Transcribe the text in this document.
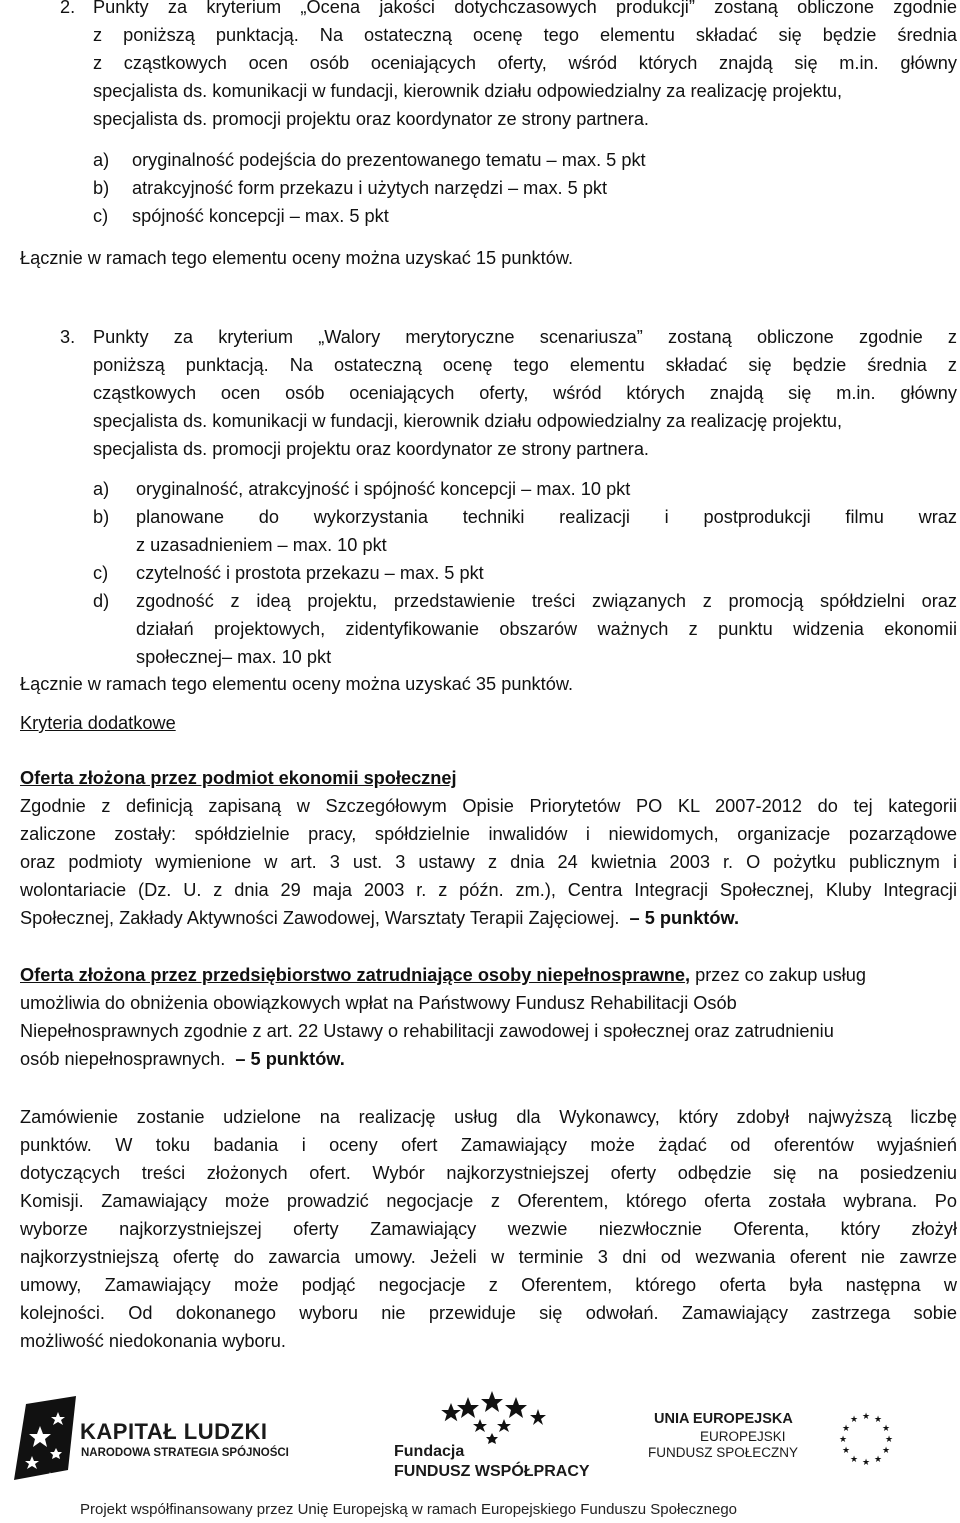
2. Punkty za kryterium „Ocena jakości dotychczasowych produkcji” zostaną obliczone zgodnie
z poniższą punktacją. Na ostateczną ocenę tego elementu składać się będzie średnia
z cząstkowych ocen osób oceniających oferty, wśród których znajdą się m.in. główny
specjalista ds. komunikacji w fundacji, kierownik działu odpowiedzialny za realizację projektu,
specjalista ds. promocji projektu oraz koordynator ze strony partnera.
a) oryginalność podejścia do prezentowanego tematu – max. 5 pkt
b) atrakcyjność form przekazu i użytych narzędzi – max. 5 pkt
c) spójność koncepcji – max. 5 pkt
Łącznie w ramach tego elementu oceny można uzyskać 15 punktów.
3. Punkty za kryterium „Walory merytoryczne scenariusza” zostaną obliczone zgodnie z
poniższą punktacją. Na ostateczną ocenę tego elementu składać się będzie średnia z
cząstkowych ocen osób oceniających oferty, wśród których znajdą się m.in. główny
specjalista ds. komunikacji w fundacji, kierownik działu odpowiedzialny za realizację projektu,
specjalista ds. promocji projektu oraz koordynator ze strony partnera.
a) oryginalność, atrakcyjność i spójność koncepcji – max. 10 pkt
b) planowane do wykorzystania techniki realizacji i postprodukcji filmu wraz
z uzasadnieniem – max. 10 pkt
c) czytelność i prostota przekazu – max. 5 pkt
d) zgodność z ideą projektu, przedstawienie treści związanych z promocją spółdzielni oraz
działań projektowych, zidentyfikowanie obszarów ważnych z punktu widzenia ekonomii
społecznej– max. 10 pkt
Łącznie w ramach tego elementu oceny można uzyskać 35 punktów.
Kryteria dodatkowe
Oferta złożona przez podmiot ekonomii społecznej
Zgodnie z definicją zapisaną w Szczegółowym Opisie Priorytetów PO KL 2007-2012 do tej kategorii
zaliczone zostały: spółdzielnie pracy, spółdzielnie inwalidów i niewidomych, organizacje pozarządowe
oraz podmioty wymienione w art. 3 ust. 3 ustawy z dnia 24 kwietnia 2003 r. O pożytku publicznym i
wolontariacie (Dz. U. z dnia 29 maja 2003 r. z późn. zm.), Centra Integracji Społecznej, Kluby Integracji
Społecznej, Zakłady Aktywności Zawodowej, Warsztaty Terapii Zajęciowej. – 5 punktów.
Oferta złożona przez przedsiębiorstwo zatrudniające osoby niepełnosprawne, przez co zakup usług
umożliwia do obniżenia obowiązkowych wpłat na Państwowy Fundusz Rehabilitacji Osób
Niepełnosprawnych zgodnie z art. 22 Ustawy o rehabilitacji zawodowej i społecznej oraz zatrudnieniu
osób niepełnosprawnych. – 5 punktów.
Zamówienie zostanie udzielone na realizację usług dla Wykonawcy, który zdobył najwyższą liczbę
punktów. W toku badania i oceny ofert Zamawiający może żądać od oferentów wyjaśnień
dotyczących treści złożonych ofert. Wybór najkorzystniejszej oferty odbędzie się na posiedzeniu
Komisji. Zamawiający może prowadzić negocjacje z Oferentem, którego oferta została wybrana. Po
wyborze najkorzystniejszej oferty Zamawiający wezwie niezwłocznie Oferenta, który złożył
najkorzystniejszą ofertę do zawarcia umowy. Jeżeli w terminie 3 dni od wezwania oferent nie zawrze
umowy, Zamawiający może podjąć negocjacje z Oferentem, którego oferta była następna w
kolejności. Od dokonanego wyboru nie przewiduje się odwołań. Zamawiający zastrzega sobie
możliwość niedokonania wyboru.
KAPITAŁ LUDZKI
NARODOWA STRATEGIA SPÓJNOŚCI	Fundacja
FUNDUSZ WSPÓŁPRACY
UNIA EUROPEJSKA
EUROPEJSKI
FUNDUSZ SPOŁECZNY
★ ★
★
★
★
★
★
★
★
★
★
★
Projekt współfinansowany przez Unię Europejską w ramach Europejskiego Funduszu Społecznego
